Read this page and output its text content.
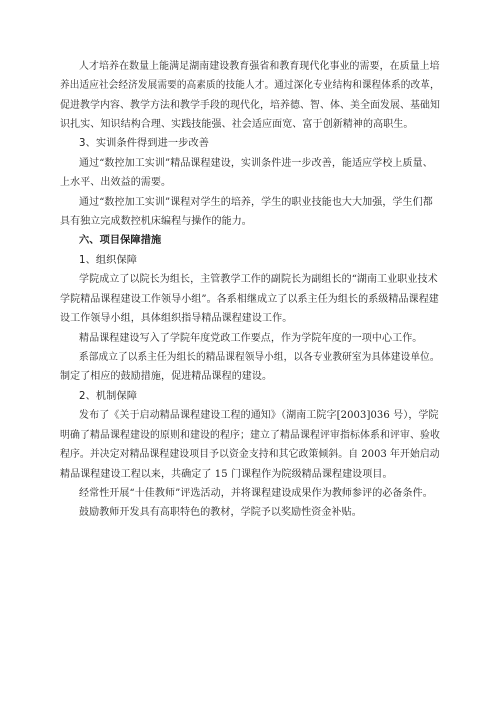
人才培养在数量上能满足湖南建设教育强省和教育现代化事业的需要，在质量上培
养出适应社会经济发展需要的高素质的技能人才。通过深化专业结构和课程体系的改革，
促进教学内容、教学方法和教学手段的现代化，培养德、智、体、美全面发展、基础知
识扎实、知识结构合理、实践技能强、社会适应面宽、富于创新精神的高职生。
3、实训条件得到进一步改善
通过“数控加工实训”精品课程建设，实训条件进一步改善，能适应学校上质量、
上水平、出效益的需要。
通过“数控加工实训”课程对学生的培养，学生的职业技能也大大加强，学生们都
具有独立完成数控机床编程与操作的能力。
六、项目保障措施
1、组织保障
学院成立了以院长为组长，主管教学工作的副院长为副组长的“湖南工业职业技术
学院精品课程建设工作领导小组”。各系相继成立了以系主任为组长的系级精品课程建
设工作领导小组，具体组织指导精品课程建设工作。
精品课程建设写入了学院年度党政工作要点，作为学院年度的一项中心工作。
系部成立了以系主任为组长的精品课程领导小组，以各专业教研室为具体建设单位。
制定了相应的鼓励措施，促进精品课程的建设。
2、机制保障
发布了《关于启动精品课程建设工程的通知》（湖南工院字[2003]036 号），学院
明确了精品课程建设的原则和建设的程序；建立了精品课程评审指标体系和评审、验收
程序。并决定对精品课程建设项目予以资金支持和其它政策倾斜。自 2003 年开始启动
精品课程建设工程以来，共确定了 15 门课程作为院级精品课程建设项目。
经常性开展“十佳教师”评选活动，并将课程建设成果作为教师参评的必备条件。
鼓励教师开发具有高职特色的教材，学院予以奖励性资金补贴。
